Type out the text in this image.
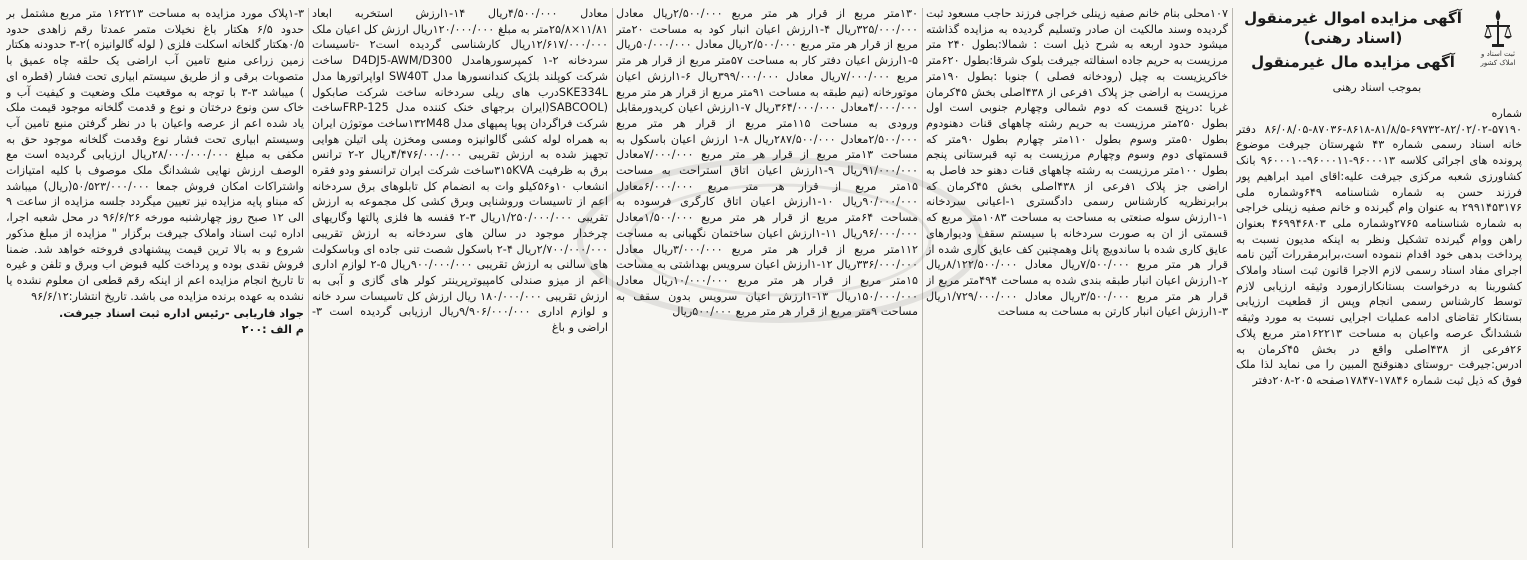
ثبت اسناد و املاک کشور
آگهی مزایده اموال غیرمنقول (اسناد رهنی)
آگهی مزایده مال غیرمنقول
بموجب اسناد رهنی
شماره ۵۷۱۹۰-۸۲/۰۲/۰۲-۶۹۷۳۲-۸۱/۸/۵-۸۶۱۸-۸۷۰۳۶-۸۶/۰۸/۰۵ دفتر خانه اسناد رسمی شماره ۴۳ شهرستان جیرفت موضوع پرونده های اجرائی کلاسه ۹۶۰۰۰۱۳-۹۶۰۰۰۱۱-۹۶۰۰۰۱۰ بانک کشاورزی شعبه مرکزی جیرفت علیه:اقای امید ابراهیم پور فرزند حسن به شماره شناسنامه ۶۴۹وشماره ملی ۲۹۹۱۴۵۳۱۷۶ به عنوان وام گیرنده و خانم صفیه زینلی خراجی به شماره شناسنامه ۲۷۶۵وشماره ملی ۴۶۹۹۴۶۸۰۳ بعنوان راهن ووام گیرنده تشکیل ونظر به اینکه مدیون نسبت به پرداخت بدهی خود اقدام ننموده است،برابرمقررات آئین نامه اجرای مفاد اسناد رسمی لازم الاجرا قانون ثبت اسناد واملاک کشوربنا به درخواست بستانکارازمورد وثیقه ارزیابی لازم توسط کارشناس رسمی انجام وپس از قطعیت ارزیابی بستانکار تقاضای ادامه عملیات اجرایی نسبت به مورد وثیقه ششدانگ عرصه واعیان به مساحت ۱۶۲۲۱۳متر مربع پلاک ۲۶فرعی از ۴۳۸اصلی واقع در بخش ۴۵کرمان به ادرس:جیرفت -روستای دهنوقنج المبین را می نماید لذا ملک فوق که ذیل ثبت شماره ۱۷۸۴۶-۱۷۸۴۷صفحه ۲۰۵-۲۰۸دفتر
۱۰۷محلی بنام خانم صفیه زینلی خراجی فرزند حاجب مسعود ثبت گردیده وسند مالکیت ان صادر وتسلیم گردیده به مزایده گذاشته میشود حدود اربعه به شرح ذیل است : شمالا:بطول ۲۴۰ متر مرزیست به حریم جاده اسفالته جیرفت بلوک شرقا:بطول ۶۲۰متر خاکریزیست به چیل (رودخانه فصلی ) جنوبا :بطول ۱۹۰متر مرزیست به اراضی جز پلاک ۱فرعی از ۴۳۸اصلی بخش ۴۵کرمان غربا :درپنج قسمت که دوم شمالی وچهارم جنوبی است اول بطول ۲۵۰متر مرزیست به حریم رشته چاههای قنات دهنودوم بطول ۵۰متر وسوم بطول ۱۱۰متر چهارم بطول ۹۰متر که قسمتهای دوم وسوم وچهارم مرزیست به تپه قبرستانی پنجم بطول ۱۰۰متر مرزیست به رشته چاههای قنات دهنو حد فاصل به اراضی جز پلاک ۱فرعی از ۴۳۸اصلی بخش ۴۵کرمان که برابرنظریه کارشناس رسمی دادگستری ۱-اعیانی سردخانه ۱-۱ارزش سوله صنعتی به مساحت به مساحت ۱۰۸۳متر مربع که قسمتی از ان به صورت سردخانه با سیستم سقف ودیوارهای عایق کاری شده با ساندویچ پانل وهمچنین کف عایق کاری شده از قرار هر متر مربع ۷/۵۰۰/۰۰۰ریال معادل ۸/۱۲۲/۵۰۰/۰۰۰ریال ۲-۱ارزش اعیان انبار طبقه بندی شده به مساحت ۴۹۴متر مربع از قرار هر متر مربع ۳/۵۰۰/۰۰۰ریال معادل ۱/۷۲۹/۰۰۰/۰۰۰ریال ۳-۱ارزش اعیان انبار کارتن به مساحت به مساحت
۱۳۰متر مربع از قرار هر متر مربع ۲/۵۰۰/۰۰۰ریال معادل ۳۲۵/۰۰۰/۰۰۰ریال ۴-۱ارزش اعیان انبار کود به مساحت ۲۰متر مربع از قرار هر متر مربع ۲/۵۰۰/۰۰۰ریال معادل ۵۰/۰۰۰/۰۰۰ریال ۵-۱ارزش اعیان دفتر کار به مساحت ۵۷متر مربع از قرار هر متر مربع ۷/۰۰۰/۰۰۰ریال معادل ۳۹۹/۰۰۰/۰۰۰ریال ۶-۱ارزش اعیان موتورخانه (نیم طبقه به مساحت ۹۱متر مربع از قرار هر متر مربع ۴/۰۰۰/۰۰۰معادل ۳۶۴/۰۰۰/۰۰۰ریال ۷-۱ارزش اعیان کریدورمقابل ورودی به مساحت ۱۱۵متر مربع از قرار هر متر مربع ۲/۵۰۰/۰۰۰معادل ۲۸۷/۵۰۰/۰۰۰ریال ۸-۱ ارزش اعیان باسکول به مساحت ۱۳متر مربع از قرار هر متر مربع ۷/۰۰۰/۰۰۰معادل ۹۱/۰۰۰/۰۰۰ریال ۹-۱ارزش اعیان اتاق استراحت به مساحت ۱۵متر مربع از قرار هر متر مربع ۶/۰۰۰/۰۰۰معادل ۹۰/۰۰۰/۰۰۰ریال ۱۰-۱ارزش اعیان اتاق کارگری فرسوده به مساحت ۶۴متر مربع از قرار هر متر مربع ۱/۵۰۰/۰۰۰معادل ۹۶/۰۰۰/۰۰۰ریال ۱۱-۱ارزش اعیان ساختمان نگهبانی به مساحت ۱۱۲متر مربع از قرار هر متر مربع ۳/۰۰۰/۰۰۰ریال معادل ۳۳۶/۰۰۰/۰۰۰ریال ۱۲-۱ارزش اعیان سرویس بهداشتی به مساحت ۱۵متر مربع از قرار هر متر مربع ۱۰/۰۰۰/۰۰۰ریال معادل ۱۵۰/۰۰۰/۰۰۰ریال ۱۳-۱ارزش اعیان سرویس بدون سقف به مساحت ۹متر مربع از قرار هر متر مربع ۵۰۰/۰۰۰ریال
معادل ۴/۵۰۰/۰۰۰ریال ۱۴-۱ارزش استخربه ابعاد ۱۱/۸۱×۲۵/۸متر به مبلغ ۱۲۰/۰۰۰/۰۰۰ریال ارزش کل اعیان ملک ۱۲/۶۱۷/۰۰۰/۰۰۰ریال کارشناسی گردیده است۲ -تاسیسات سردخانه ۲-۱ کمپرسورهامدل D4DJ5-AWM/D300 ساخت شرکت کوپلند بلژیک کندانسورها مدل SW40T اواپراتورها مدل SKE334Lدرب های ریلی سردخانه ساخت شرکت صابکول (SABCOOL(ایران برجهای خنک کننده مدل FRP-125ساخت شرکت فراگردان پویا پمپهای مدل ۱۳۲M48ساخت موتوژن ایران به همراه لوله کشی گالوانیزه ومسی ومخزن پلی اتیلن هوایی تجهیز شده به ارزش تقریبی ۴/۴۷۶/۰۰۰/۰۰۰ریال ۲-۲ ترانس برق به ظرفیت ۳۱۵KVAساخت شرکت ایران ترانسفو ودو فقره انشعاب ۱۰و۵۶کیلو وات به انضمام کل تابلوهای برق سردخانه اعم از تاسیسات وروشنایی وبرق کشی کل مجموعه به ارزش تقریبی ۱/۲۵۰/۰۰۰/۰۰۰ریال ۳-۲ قفسه ها فلزی پالتها وگاریهای چرخدار موجود در سالن های سردخانه به ارزش تقریبی ۲/۷۰۰/۰۰۰/۰۰۰ریال ۴-۲ باسکول شصت تنی جاده ای وباسکولت های سالنی به ارزش تقریبی ۹۰۰/۰۰۰/۰۰۰ریال ۵-۲ لوازم اداری اعم از میزو صندلی کامپیوترپرینتر کولر های گازی و آبی به ارزش تقریبی ۱۸۰/۰۰۰/۰۰۰ ریال ارزش کل تاسیسات سرد خانه و لوازم اداری ۹/۹۰۶/۰۰۰/۰۰۰ریال ارزیابی گردیده است ۳- اراضی و باغ
۱-۳پلاک مورد مزایده به مساحت ۱۶۲۲۱۳ متر مربع مشتمل بر حدود ۶/۵ هکتار باغ نخیلات متمر عمدتا رقم زاهدی حدود ۰/۵هکتار گلخانه اسکلت فلزی ( لوله گالوانیزه )۲-۳ حدودنه هکتار زمین زراعی منبع تامین آب اراضی یک حلقه چاه عمیق با متصوبات برقی و از طریق سیستم ابیاری تحت فشار (قطره ای ) میباشد ۳-۳ با توجه به موقعیت ملک وضعیت و کیفیت آب و خاک سن ونوع درختان و نوع و قدمت گلخانه موجود قیمت ملک یاد شده اعم از عرصه واعیان با در نظر گرفتن منبع تامین آب وسیستم ابیاری تحت فشار نوع وقدمت گلخانه موجود حق به مکفی به مبلغ ۲۸/۰۰۰/۰۰۰/۰۰۰ریال ارزیابی گردیده است مع الوصف ارزش نهایی ششدانگ ملک موصوف با کلیه امتیازات واشتراکات امکان فروش جمعا ۵۰/۵۲۳/۰۰۰/۰۰۰(ریال) میباشد که مبناو پایه مزایده نیز تعیین میگردد جلسه مزایده از ساعت ۹ الی ۱۲ صبح روز چهارشنبه مورخه ۹۶/۶/۲۶ در محل شعبه اجرا، اداره ثبت اسناد واملاک جیرفت برگزار " مزایده از مبلغ مذکور شروع و به بالا ترین قیمت پیشنهادی فروخته خواهد شد. ضمنا فروش نقدی بوده و پرداخت کلیه قبوض اب وبرق و تلفن و غیره تا تاریخ انجام مزایده اعم از اینکه رقم قطعی ان معلوم نشده یا نشده به عهده برنده مزایده می باشد. تاریخ انتشار:۹۶/۶/۱۲
جواد فاریابی -رئیس اداره ثبت اسناد جیرفت.
م الف :۲۰۰
